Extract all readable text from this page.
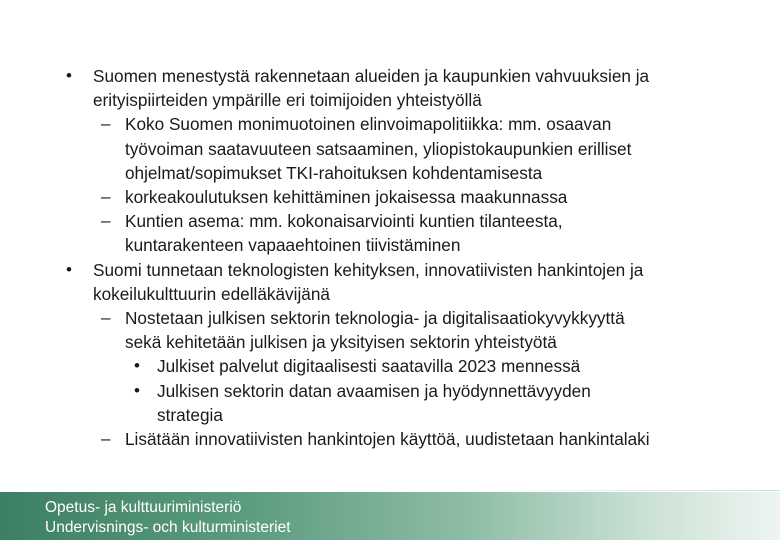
• Suomen menestystä rakennetaan alueiden ja kaupunkien vahvuuksien ja
erityispiirteiden ympärille eri toimijoiden yhteistyöllä
– Koko Suomen monimuotoinen elinvoimapolitiikka: mm. osaavan
työvoiman saatavuuteen satsaaminen, yliopistokaupunkien erilliset
ohjelmat/sopimukset TKI-rahoituksen kohdentamisesta
– korkeakoulutuksen kehittäminen jokaisessa maakunnassa
– Kuntien asema: mm. kokonaisarviointi kuntien tilanteesta,
kuntarakenteen vapaaehtoinen tiivistäminen
• Suomi tunnetaan teknologisten kehityksen, innovatiivisten hankintojen ja
kokeilukulttuurin edelläkävijänä
– Nostetaan julkisen sektorin teknologia- ja digitalisaatiokyvykkyyttä
sekä kehitetään julkisen ja yksityisen sektorin yhteistyötä
• Julkiset palvelut digitaalisesti saatavilla 2023 mennessä
• Julkisen sektorin datan avaamisen ja hyödynnettävyyden
strategia
– Lisätään innovatiivisten hankintojen käyttöä, uudistetaan hankintalaki
Opetus- ja kulttuuriministeriö
Undervisnings- och kulturministeriet
